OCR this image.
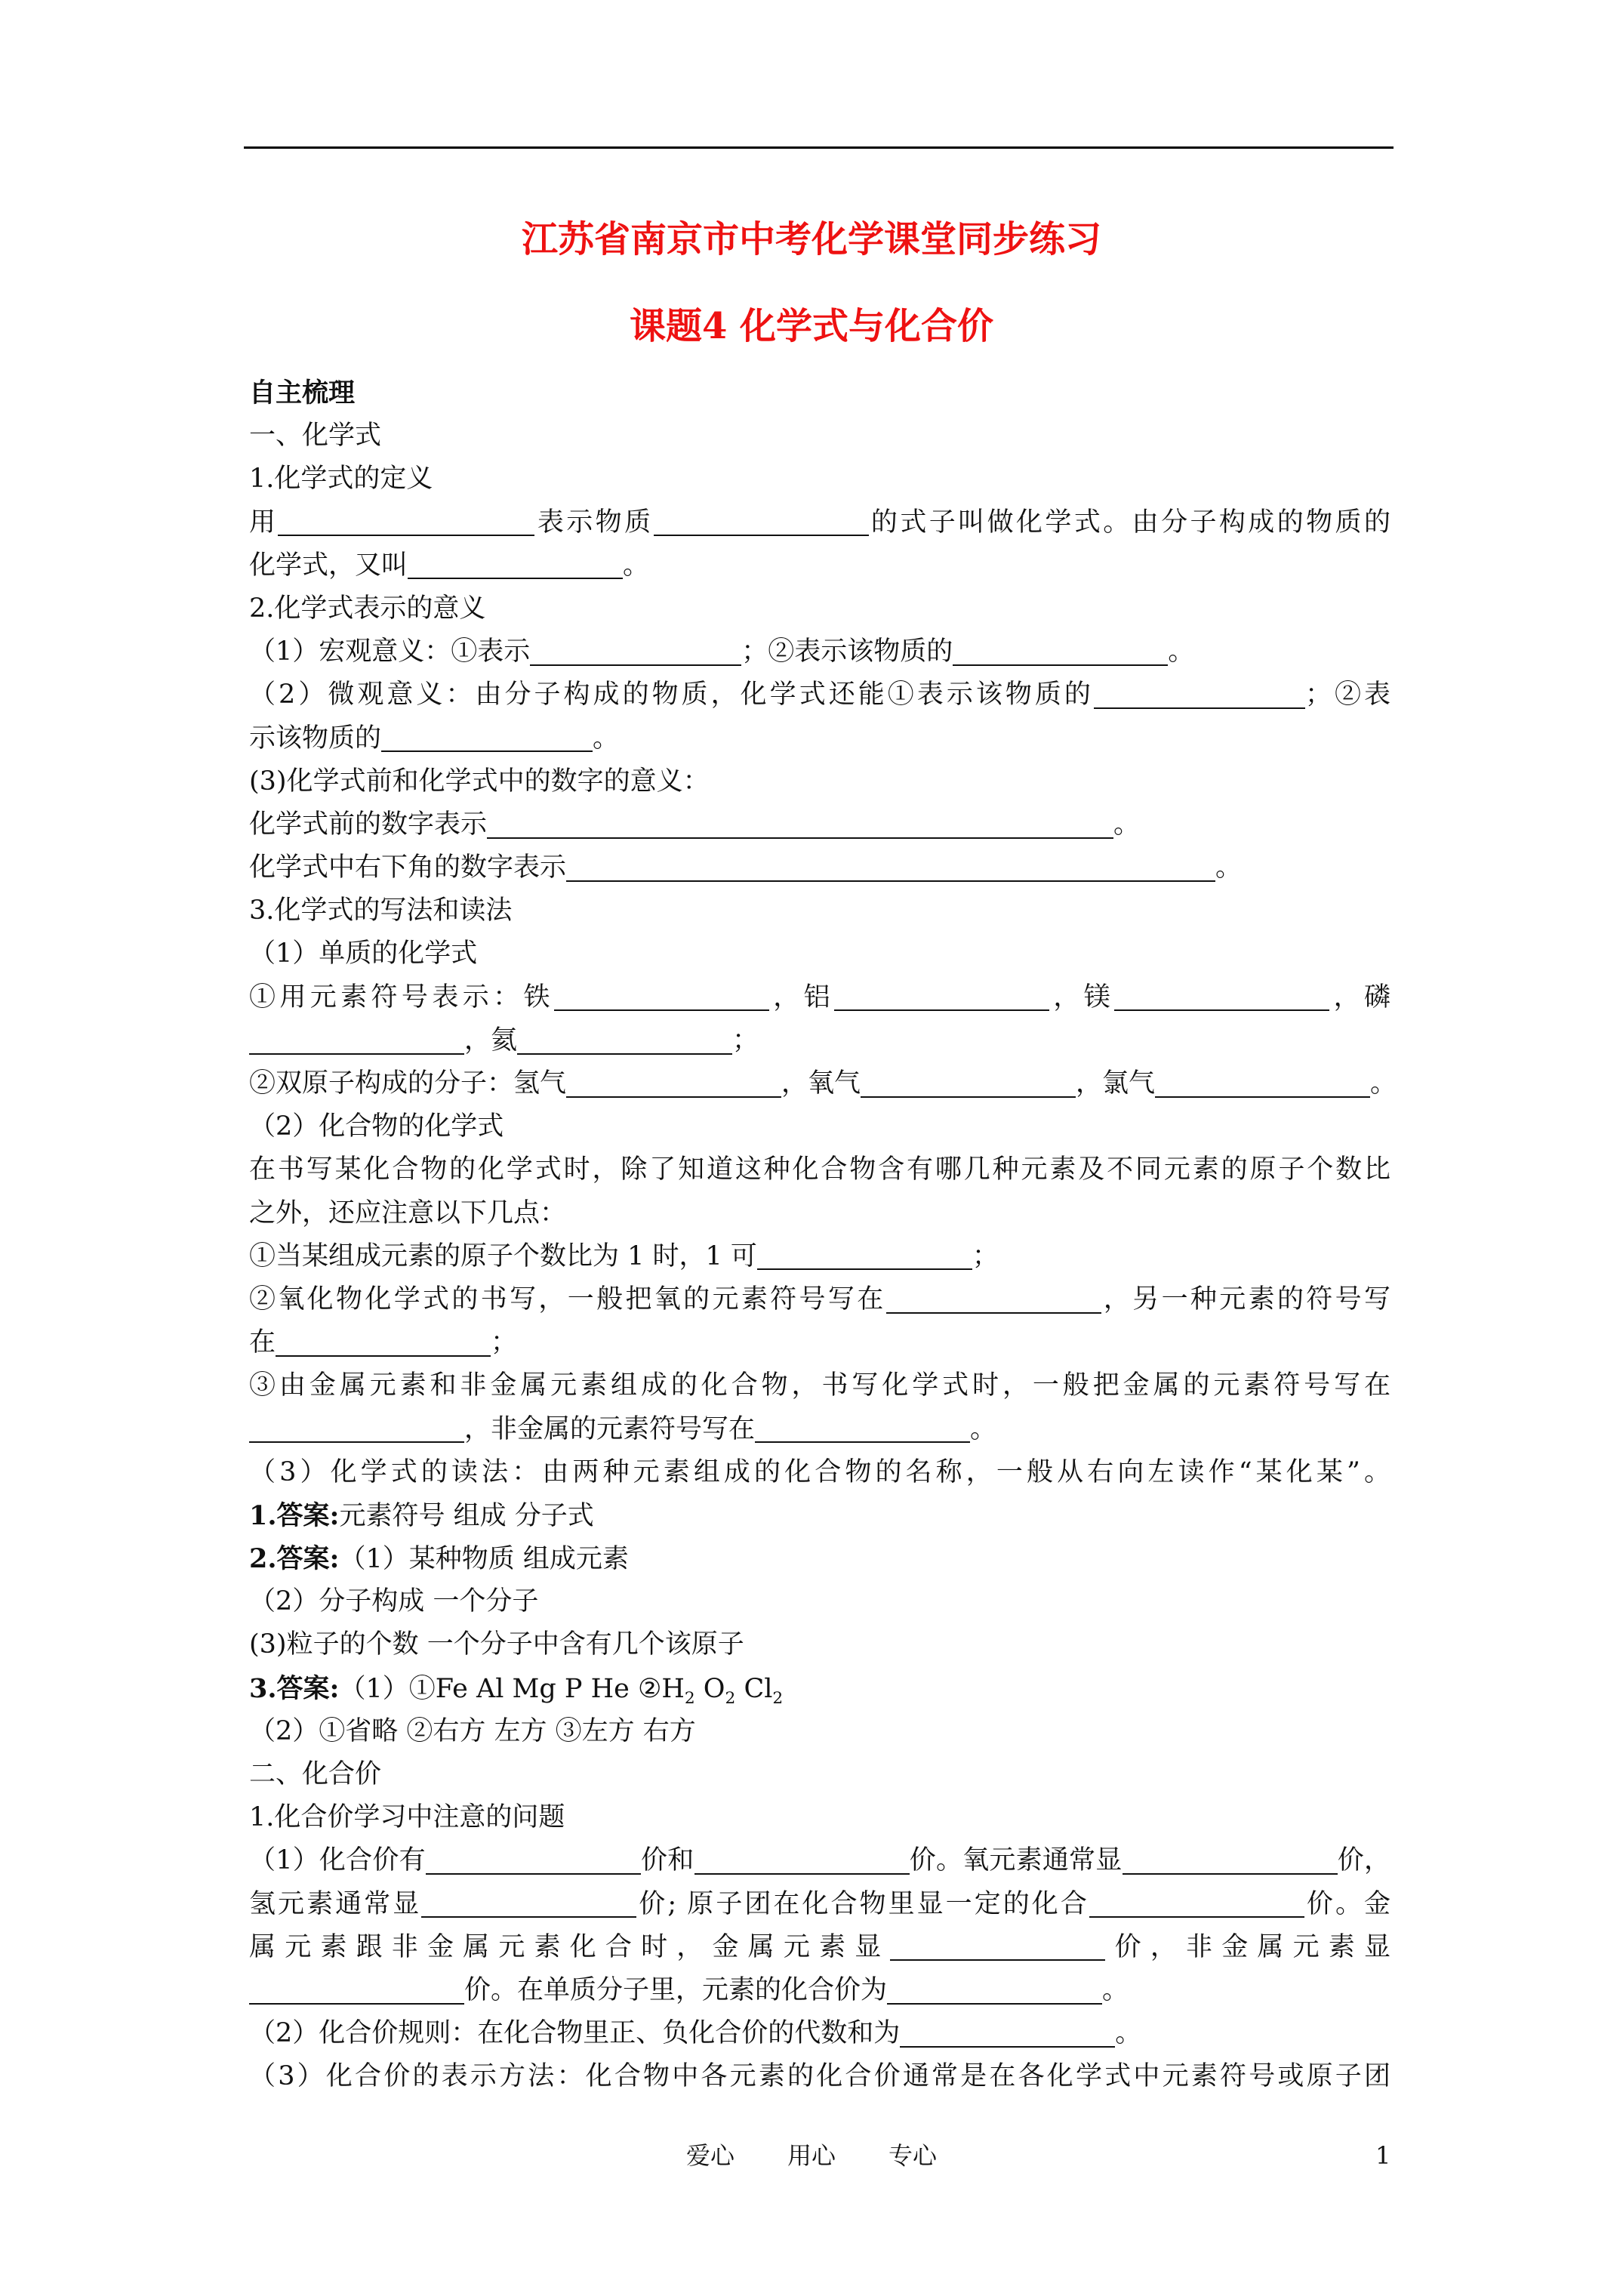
江苏省南京市中考化学课堂同步练习
课题4 化学式与化合价
自主梳理
一、化学式
1.化学式的定义
用	表示物质	的式子叫做化学式。由分子构成的物质的
化学式，又叫	。
2.化学式表示的意义
（1）宏观意义：①表示	；②表示该物质的	。
（2）微观意义：由分子构成的物质，化学式还能①表示该物质的	；②表
示该物质的	。
(3)化学式前和化学式中的数字的意义：
化学式前的数字表示	。
化学式中右下角的数字表示	。
3.化学式的写法和读法
（1）单质的化学式
①用元素符号表示：铁	，铝	，镁	，磷
，氦	；
②双原子构成的分子：氢气	，氧气	，氯气	。
（2）化合物的化学式
在书写某化合物的化学式时，除了知道这种化合物含有哪几种元素及不同元素的原子个数比
之外，还应注意以下几点：
①当某组成元素的原子个数比为 1 时，1 可	；
②氧化物化学式的书写，一般把氧的元素符号写在	，另一种元素的符号写
在	；
③由金属元素和非金属元素组成的化合物，书写化学式时，一般把金属的元素符号写在
，非金属的元素符号写在	。
（3）化学式的读法：由两种元素组成的化合物的名称，一般从右向左读作“某化某”。
1.答案:元素符号 组成 分子式
2.答案:（1）某种物质 组成元素
（2）分子构成 一个分子
(3)粒子的个数 一个分子中含有几个该原子
3.答案:（1）①Fe Al Mg P He $②H_2$ $O_2$ $Cl_2$
（2）①省略 ②右方 左方 ③左方 右方
二、化合价
1.化合价学习中注意的问题
（1）化合价有	价和	价。氧元素通常显	价，
氢元素通常显	价; 原子团在化合物里显一定的化合	价。金
属元素跟非金属元素化合时，金属元素显	价，非金属元素显
价。在单质分子里，元素的化合价为	。
（2）化合价规则：在化合物里正、负化合价的代数和为	。
（3）化合价的表示方法：化合物中各元素的化合价通常是在各化学式中元素符号或原子团
爱心 用心 专心	1
